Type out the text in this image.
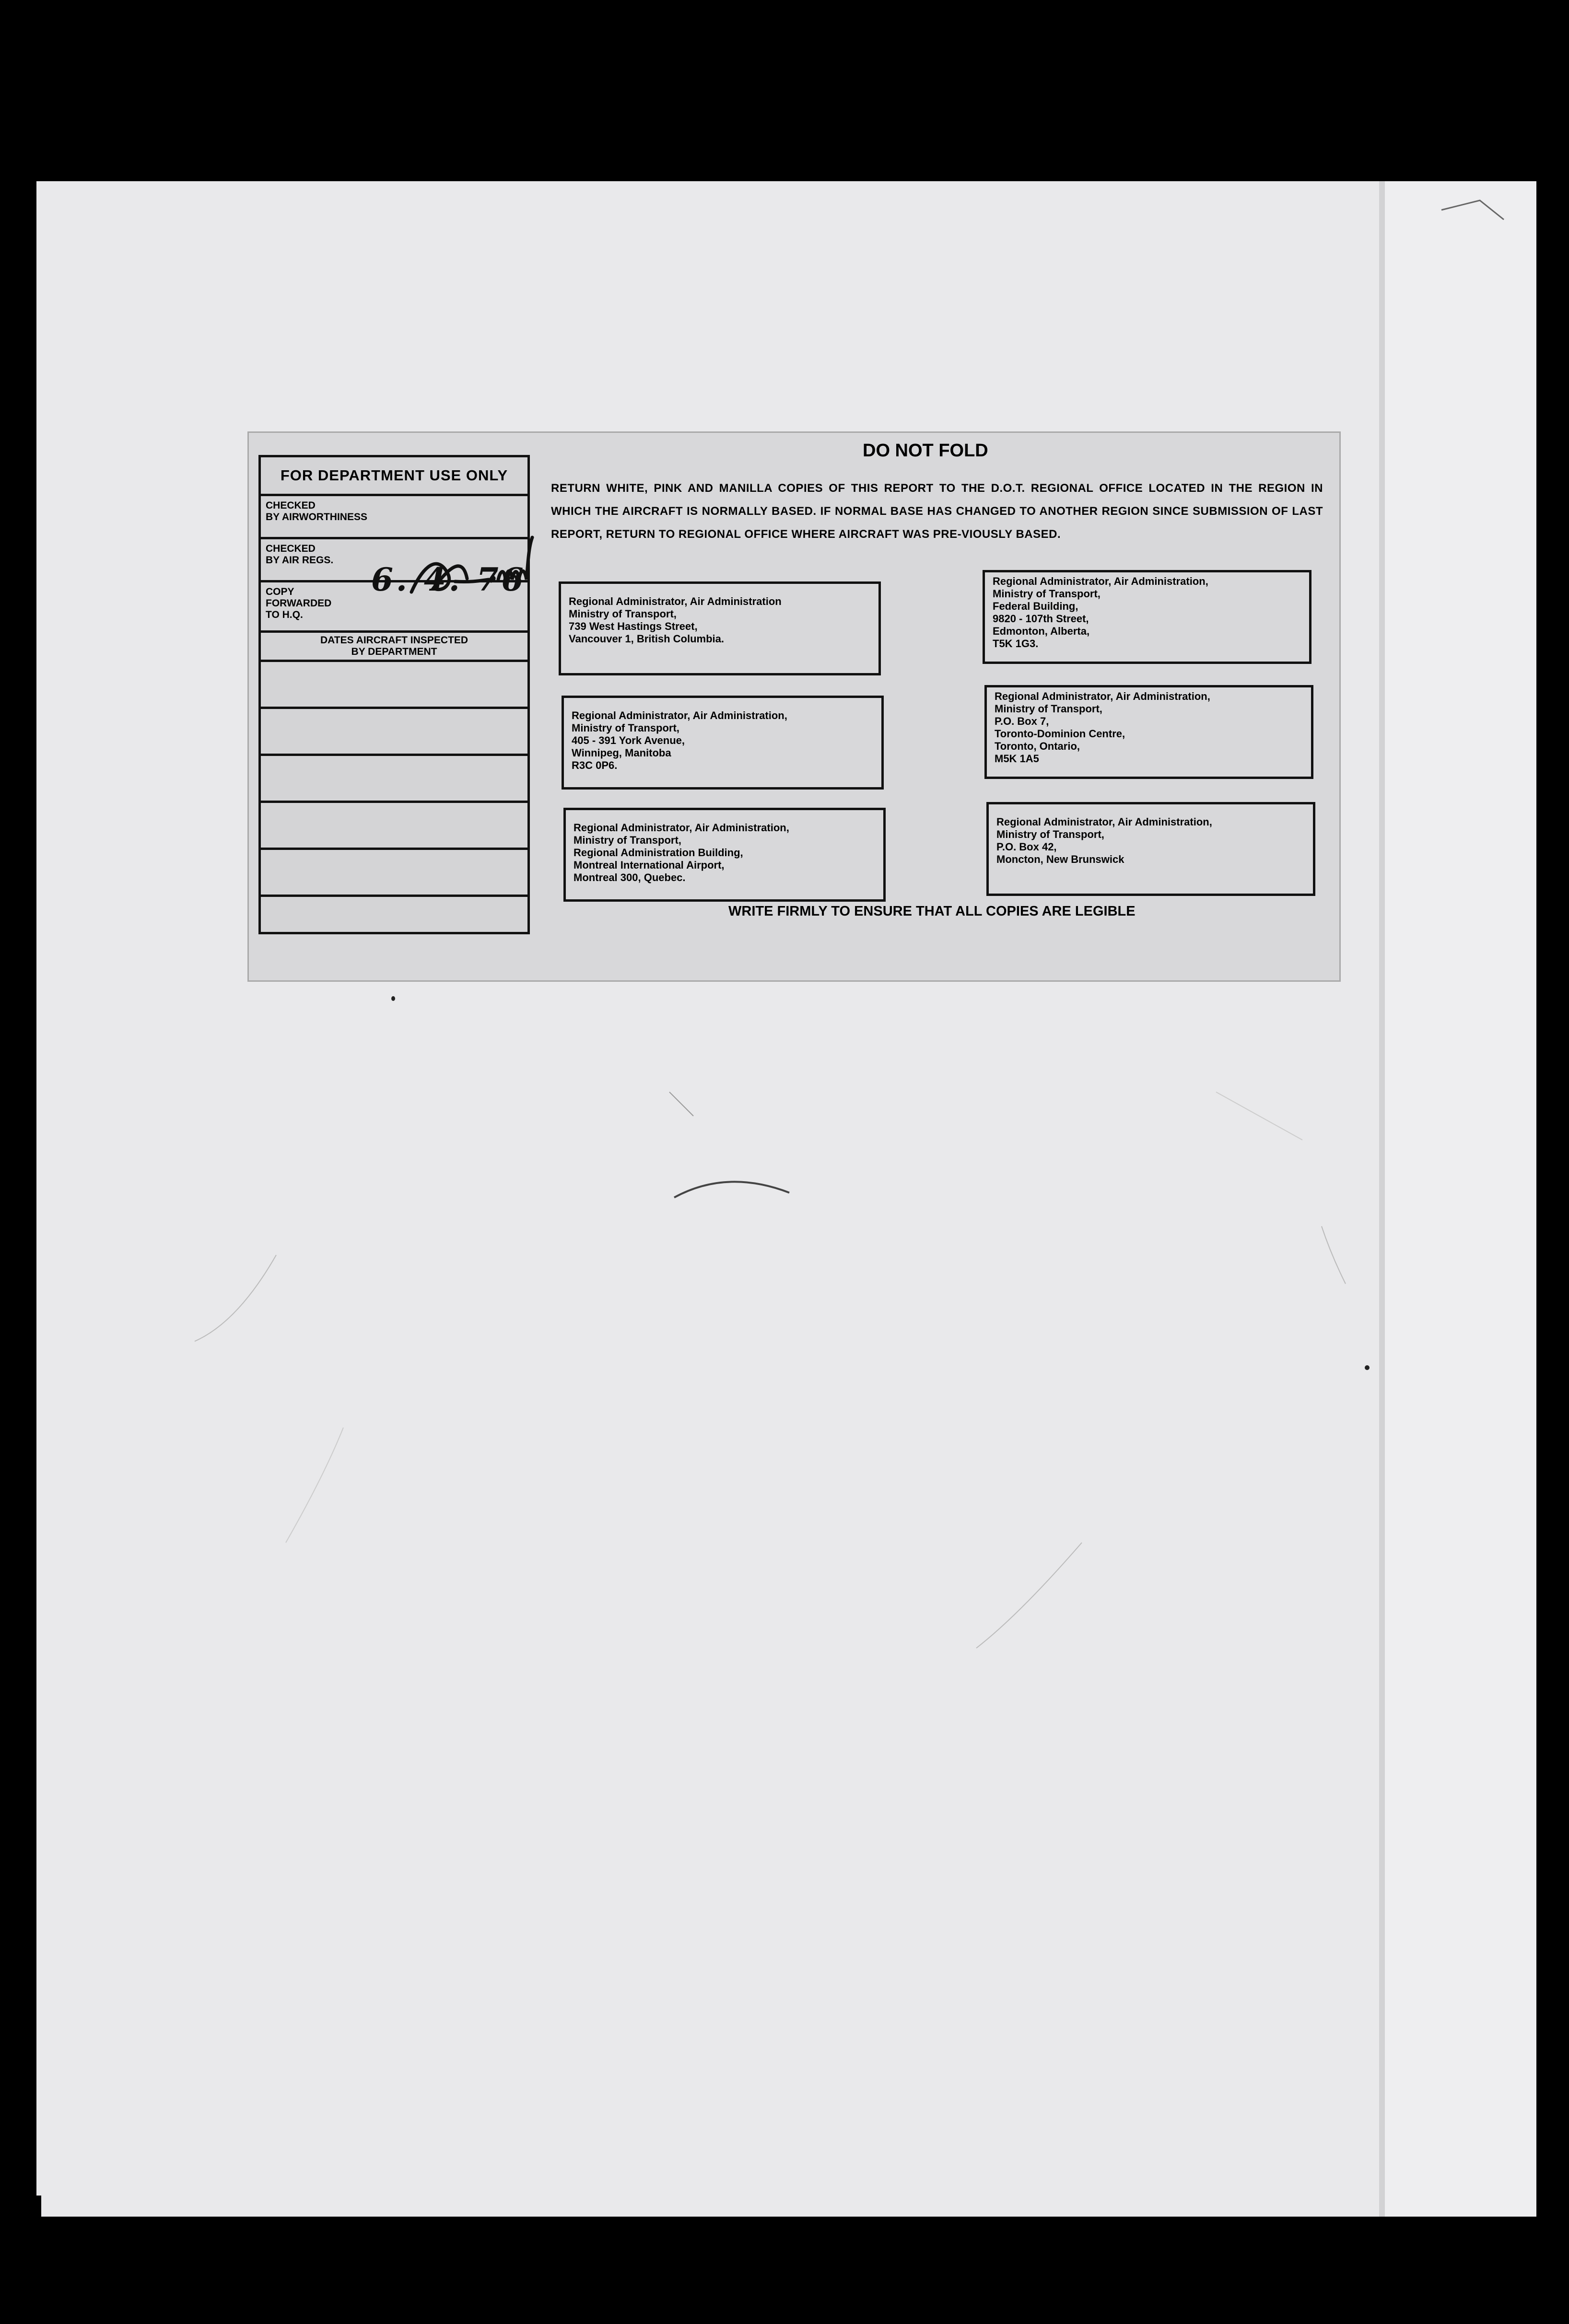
FOR DEPARTMENT USE ONLY
CHECKED
BY AIRWORTHINESS
CHECKED
BY AIR REGS.
COPY
FORWARDED
TO H.Q.
6. 4. 76
DATES AIRCRAFT INSPECTED
BY DEPARTMENT
DO NOT FOLD
RETURN WHITE, PINK AND MANILLA COPIES OF THIS REPORT TO THE D.O.T. REGIONAL OFFICE LOCATED IN THE REGION IN WHICH THE AIRCRAFT IS NORMALLY BASED. IF NORMAL BASE HAS CHANGED TO ANOTHER REGION SINCE SUBMISSION OF LAST REPORT, RETURN TO REGIONAL OFFICE WHERE AIRCRAFT WAS PRE-VIOUSLY BASED.
Regional Administrator, Air Administration
Ministry of Transport,
739 West Hastings Street,
Vancouver 1, British Columbia.
Regional Administrator, Air Administration,
Ministry of Transport,
Federal Building,
9820 - 107th Street,
Edmonton, Alberta,
T5K 1G3.
Regional Administrator, Air Administration,
Ministry of Transport,
405 - 391 York Avenue,
Winnipeg, Manitoba
R3C 0P6.
Regional Administrator, Air Administration,
Ministry of Transport,
P.O. Box 7,
Toronto-Dominion Centre,
Toronto, Ontario,
M5K 1A5
Regional Administrator, Air Administration,
Ministry of Transport,
Regional Administration Building,
Montreal International Airport,
Montreal 300, Quebec.
Regional Administrator, Air Administration,
Ministry of Transport,
P.O. Box 42,
Moncton, New Brunswick
WRITE FIRMLY TO ENSURE THAT ALL COPIES ARE LEGIBLE
